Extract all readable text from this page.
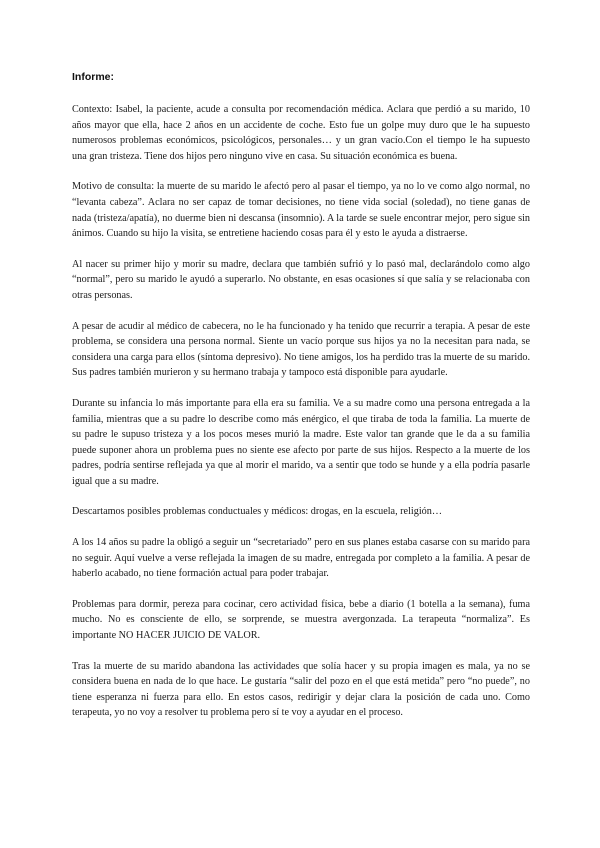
Informe:

Contexto: Isabel, la paciente, acude a consulta por recomendación médica. Aclara que perdió a su marido, 10 años mayor que ella, hace 2 años en un accidente de coche. Esto fue un golpe muy duro que le ha supuesto numerosos problemas económicos, psicológicos, personales… y un gran vacío.Con el tiempo le ha supuesto una gran tristeza. Tiene dos hijos pero ninguno vive en casa. Su situación económica es buena.

Motivo de consulta: la muerte de su marido le afectó pero al pasar el tiempo, ya no lo ve como algo normal, no “levanta cabeza”. Aclara no ser capaz de tomar decisiones, no tiene vida social (soledad), no tiene ganas de nada (tristeza/apatía), no duerme bien ni descansa (insomnio). A la tarde se suele encontrar mejor, pero sigue sin ánimos. Cuando su hijo la visita, se entretiene haciendo cosas para él y esto le ayuda a distraerse.

Al nacer su primer hijo y morir su madre, declara que también sufrió y lo pasó mal, declarándolo como algo “normal”, pero su marido le ayudó a superarlo. No obstante, en esas ocasiones sí que salía y se relacionaba con otras personas.

A pesar de acudir al médico de cabecera, no le ha funcionado y ha tenido que recurrir a terapia. A pesar de este problema, se considera una persona normal. Siente un vacío porque sus hijos ya no la necesitan para nada, se considera una carga para ellos (síntoma depresivo). No tiene amigos, los ha perdido tras la muerte de su marido. Sus padres también murieron y su hermano trabaja y tampoco está disponible para ayudarle.

Durante su infancia lo más importante para ella era su familia. Ve a su madre como una persona entregada a la familia, mientras que a su padre lo describe como más enérgico, el que tiraba de toda la familia. La muerte de su padre le supuso tristeza y a los pocos meses murió la madre. Este valor tan grande que le da a su familia puede suponer ahora un problema pues no siente ese afecto por parte de sus hijos. Respecto a la muerte de los padres, podría sentirse reflejada ya que al morir el marido, va a sentir que todo se hunde y a ella podría pasarle igual que a su madre.

Descartamos posibles problemas conductuales y médicos: drogas, en la escuela, religión…

A los 14 años su padre la obligó a seguir un “secretariado” pero en sus planes estaba casarse con su marido para no seguir. Aquí vuelve a verse reflejada la imagen de su madre, entregada por completo a la familia. A pesar de haberlo acabado, no tiene formación actual para poder trabajar.

Problemas para dormir, pereza para cocinar, cero actividad física, bebe a diario (1 botella a la semana), fuma mucho. No es consciente de ello, se sorprende, se muestra avergonzada. La terapeuta “normaliza”. Es importante NO HACER JUICIO DE VALOR.

Tras la muerte de su marido abandona las actividades que solía hacer y su propia imagen es mala, ya no se considera buena en nada de lo que hace. Le gustaría “salir del pozo en el que está metida” pero “no puede”, no tiene esperanza ni fuerza para ello. En estos casos, redirigir y dejar clara la posición de cada uno. Como terapeuta, yo no voy a resolver tu problema pero sí te voy a ayudar en el proceso.
